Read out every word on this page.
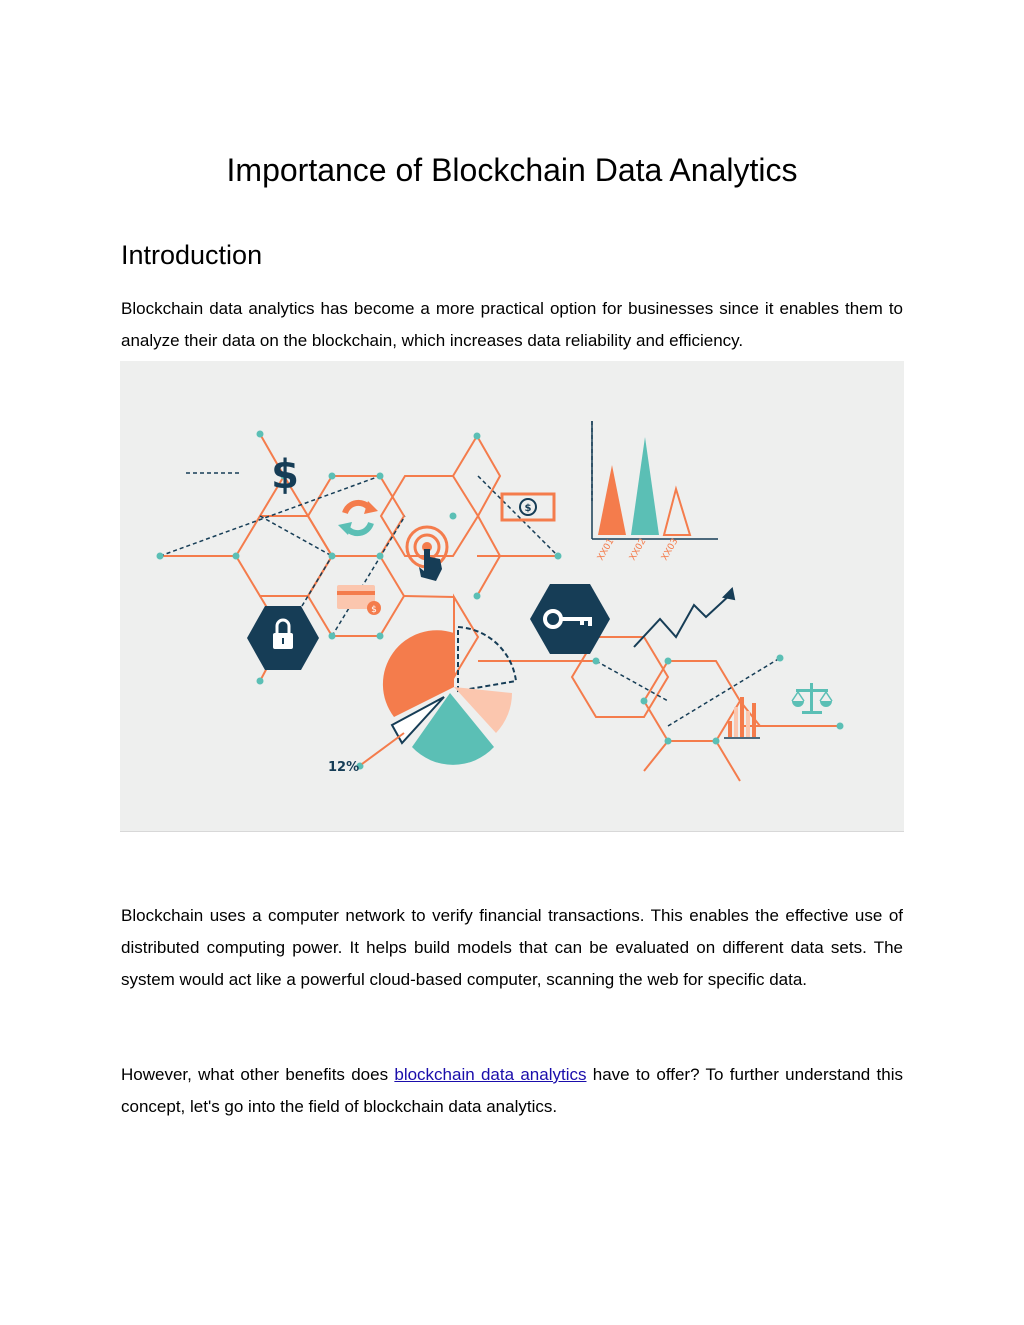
Importance of Blockchain Data Analytics
Introduction

Blockchain data analytics has become a more practical option for businesses since it enables them to analyze their data on the blockchain, which increases data reliability and efficiency.

$
$
$
XX01 XX02 XX03
12%

Blockchain uses a computer network to verify financial transactions. This enables the effective use of distributed computing power. It helps build models that can be evaluated on different data sets. The system would act like a powerful cloud-based computer, scanning the web for specific data.

However, what other benefits does blockchain data analytics have to offer? To further understand this concept, let's go into the field of blockchain data analytics.
